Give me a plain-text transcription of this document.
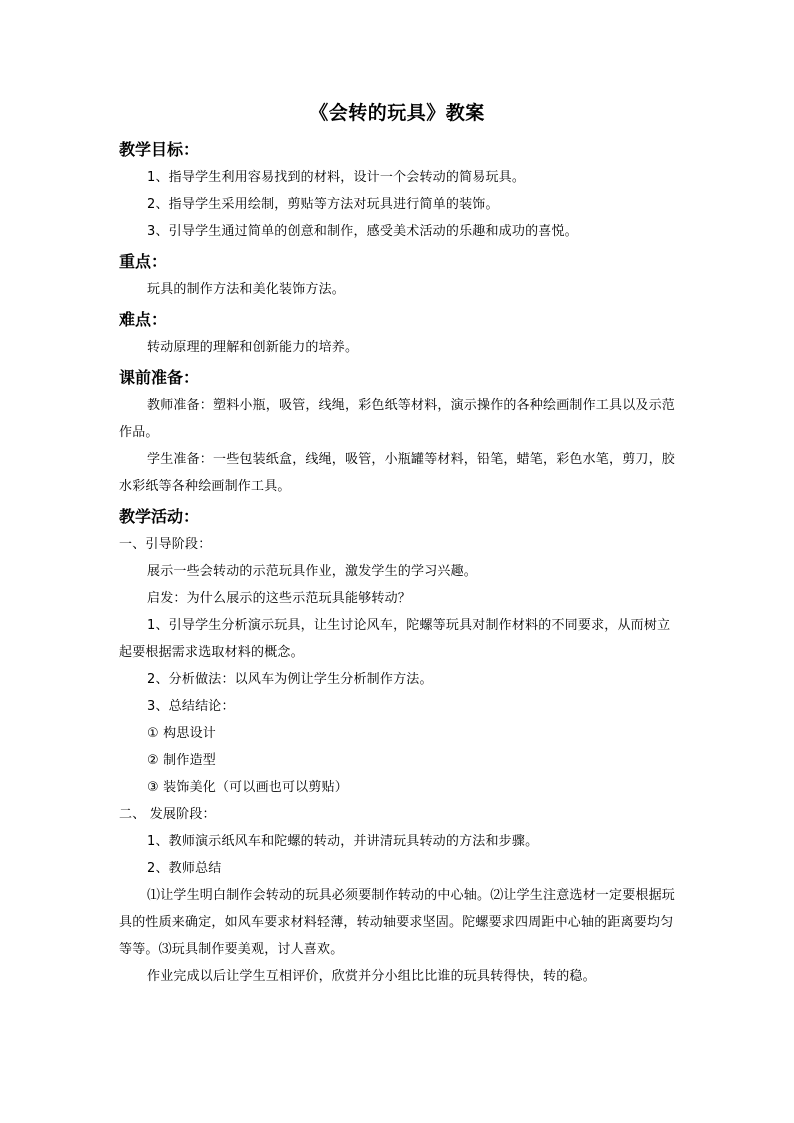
《会转的玩具》教案

教学目标：

1、指导学生利用容易找到的材料，设计一个会转动的简易玩具。

2、指导学生采用绘制，剪贴等方法对玩具进行简单的装饰。

3、引导学生通过简单的创意和制作，感受美术活动的乐趣和成功的喜悦。

重点：

玩具的制作方法和美化装饰方法。

难点：

转动原理的理解和创新能力的培养。

课前准备：

教师准备：塑料小瓶，吸管，线绳，彩色纸等材料，演示操作的各种绘画制作工具以及示范作品。

学生准备：一些包装纸盒，线绳，吸管，小瓶罐等材料，铅笔，蜡笔，彩色水笔，剪刀，胶水彩纸等各种绘画制作工具。

教学活动：

一、引导阶段：

展示一些会转动的示范玩具作业，激发学生的学习兴趣。

启发：为什么展示的这些示范玩具能够转动？

1、引导学生分析演示玩具，让生讨论风车，陀螺等玩具对制作材料的不同要求，从而树立起要根据需求选取材料的概念。

2、分析做法：以风车为例让学生分析制作方法。

3、总结结论：

① 构思设计

② 制作造型

③ 装饰美化（可以画也可以剪贴）

二、 发展阶段：

1、教师演示纸风车和陀螺的转动，并讲清玩具转动的方法和步骤。

2、教师总结

⑴让学生明白制作会转动的玩具必须要制作转动的中心轴。⑵让学生注意选材一定要根据玩具的性质来确定，如风车要求材料轻薄，转动轴要求坚固。陀螺要求四周距中心轴的距离要均匀等等。⑶玩具制作要美观，讨人喜欢。

作业完成以后让学生互相评价，欣赏并分小组比比谁的玩具转得快，转的稳。
